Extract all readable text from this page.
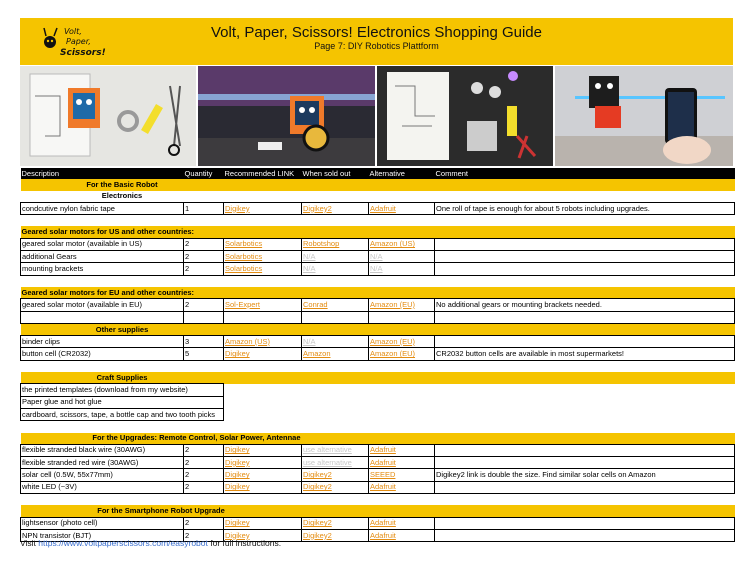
Volt,
Paper,
Scissors!
Volt, Paper, Scissors! Electronics Shopping Guide
Page 7: DIY Robotics Plattform
Description	Quantity	Recommended LINK	When sold out	Alternative	Comment
For the Basic Robot					
Electronics					
condcutive nylon fabric tape	1	Digikey	Digikey2	Adafruit	One roll of tape is enough for about 5 robots including upgrades.

Geared solar motors for US and other countries:					
geared solar motor (available in US)	2	Solarbotics	Robotshop	Amazon (US)	
additional Gears	2	Solarbotics	N/A	N/A	
mounting brackets	2	Solarbotics	N/A	N/A	

Geared solar motors for EU and other countries:					
geared solar motor (available in EU)	2	Sol-Expert	Conrad	Amazon (EU)	No additional gears or mounting brackets needed.

Other supplies					
binder clips	3	Amazon (US)	N/A	Amazon (EU)	
button cell (CR2032)	5	Digikey	Amazon	Amazon (EU)	CR2032 button cells are available in most supermarkets!

Craft Supplies					
the printed templates (download from my website)					
Paper glue and hot glue					
cardboard, scissors, tape, a bottle cap and two tooth picks					

For the Upgrades: Remote Control, Solar Power, Antennae					
flexible stranded black wire (30AWG)	2	Digikey	use alternative	Adafruit	
flexible stranded red wire (30AWG)	2	Digikey	use alternative	Adafruit	
solar cell (0.5W, 55x77mm)	2	Digikey	Digikey2	SEEED	Digikey2 link is double the size. Find similar solar cells on Amazon
white LED (~3V)	2	Digikey	Digikey2	Adafruit	

For the Smartphone Robot Upgrade					
lightsensor (photo cell)	2	Digikey	Digikey2	Adafruit	
NPN transistor (BJT)	2	Digikey	Digikey2	Adafruit	
Visit https://www.voltpaperscissors.com/easyrobot for full instructions.
